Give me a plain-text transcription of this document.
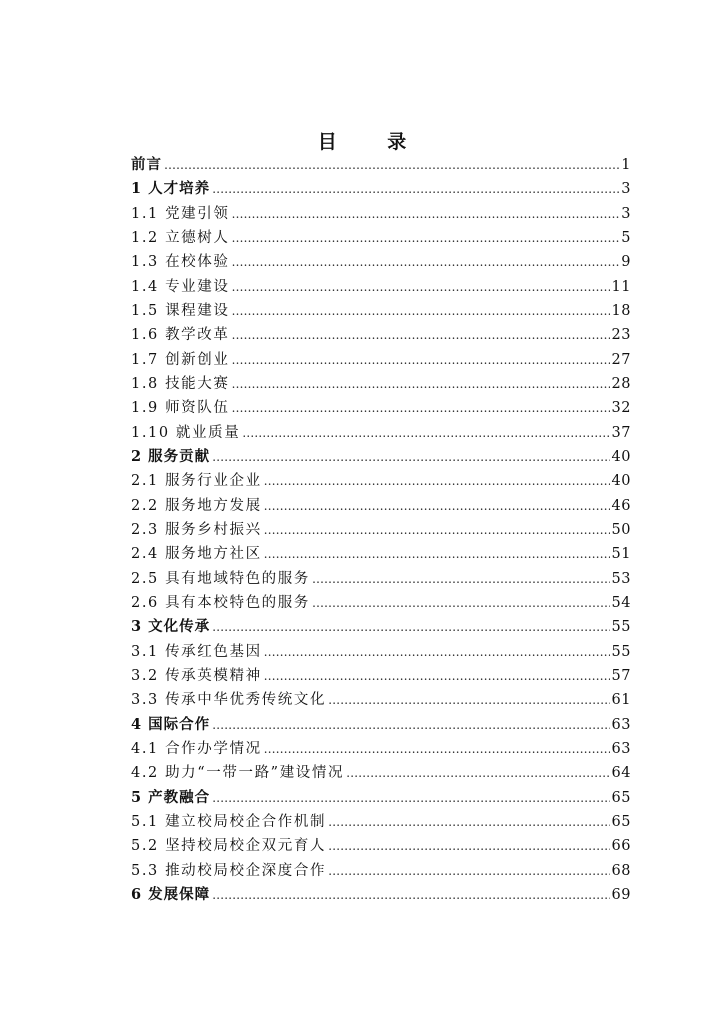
目 录
前言 …………………………………………………………………………………………………………………………………………………………	1
1 人才培养 …………………………………………………………………………………………………………………………………………………………	3
1.1 党建引领 …………………………………………………………………………………………………………………………………………………………	3
1.2 立德树人 …………………………………………………………………………………………………………………………………………………………	5
1.3 在校体验 …………………………………………………………………………………………………………………………………………………………	9
1.4 专业建设 …………………………………………………………………………………………………………………………………………………………	11
1.5 课程建设 …………………………………………………………………………………………………………………………………………………………	18
1.6 教学改革 …………………………………………………………………………………………………………………………………………………………	23
1.7 创新创业 …………………………………………………………………………………………………………………………………………………………	27
1.8 技能大赛 …………………………………………………………………………………………………………………………………………………………	28
1.9 师资队伍 …………………………………………………………………………………………………………………………………………………………	32
1.10 就业质量 …………………………………………………………………………………………………………………………………………………………	37
2 服务贡献 …………………………………………………………………………………………………………………………………………………………	40
2.1 服务行业企业 …………………………………………………………………………………………………………………………………………………………	40
2.2 服务地方发展 …………………………………………………………………………………………………………………………………………………………	46
2.3 服务乡村振兴 …………………………………………………………………………………………………………………………………………………………	50
2.4 服务地方社区 …………………………………………………………………………………………………………………………………………………………	51
2.5 具有地域特色的服务 …………………………………………………………………………………………………………………………………………………………	53
2.6 具有本校特色的服务 …………………………………………………………………………………………………………………………………………………………	54
3 文化传承 …………………………………………………………………………………………………………………………………………………………	55
3.1 传承红色基因 …………………………………………………………………………………………………………………………………………………………	55
3.2 传承英模精神 …………………………………………………………………………………………………………………………………………………………	57
3.3 传承中华优秀传统文化 …………………………………………………………………………………………………………………………………………………………	61
4 国际合作 …………………………………………………………………………………………………………………………………………………………	63
4.1 合作办学情况 …………………………………………………………………………………………………………………………………………………………	63
4.2 助力“一带一路”建设情况 …………………………………………………………………………………………………………………………………………………………	64
5 产教融合 …………………………………………………………………………………………………………………………………………………………	65
5.1 建立校局校企合作机制 …………………………………………………………………………………………………………………………………………………………	65
5.2 坚持校局校企双元育人 …………………………………………………………………………………………………………………………………………………………	66
5.3 推动校局校企深度合作 …………………………………………………………………………………………………………………………………………………………	68
6 发展保障 …………………………………………………………………………………………………………………………………………………………	69
